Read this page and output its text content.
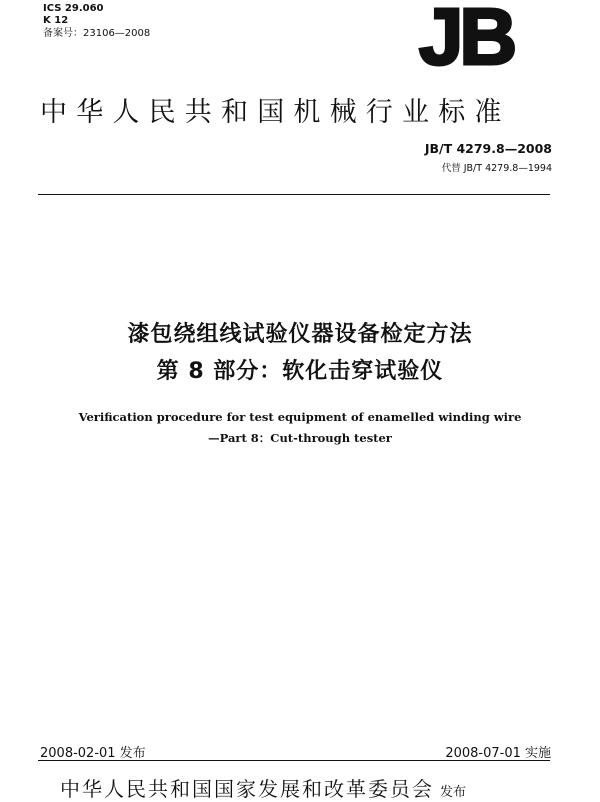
ICS 29.060
K 12
备案号：23106—2008	JB
中华人民共和国机械行业标准
JB/T 4279.8—2008
代替 JB/T 4279.8—1994
漆包绕组线试验仪器设备检定方法
第 8 部分：软化击穿试验仪
Verification procedure for test equipment of enamelled winding wire
—Part 8：Cut-through tester
2008-02-01 发布	2008-07-01 实施
中华人民共和国国家发展和改革委员会 发布
